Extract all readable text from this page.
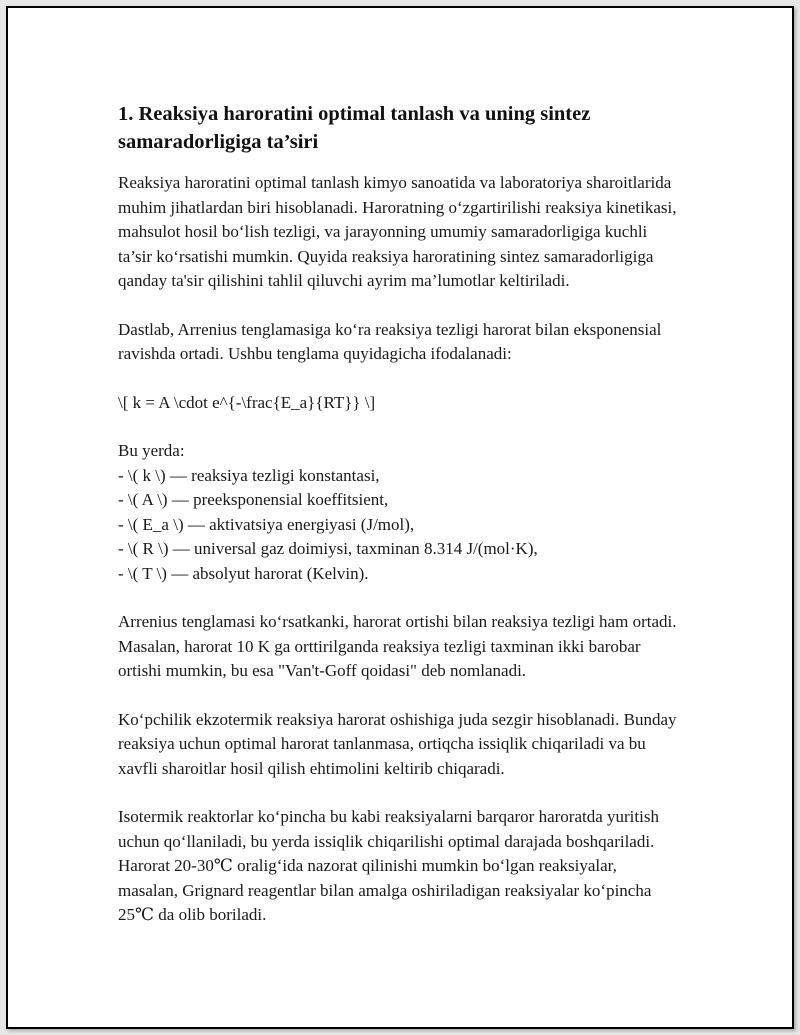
1. Reaksiya haroratini optimal tanlash va uning sintez samaradorligiga ta’siri

Reaksiya haroratini optimal tanlash kimyo sanoatida va laboratoriya sharoitlarida muhim jihatlardan biri hisoblanadi. Haroratning o‘zgartirilishi reaksiya kinetikasi, mahsulot hosil bo‘lish tezligi, va jarayonning umumiy samaradorligiga kuchli ta’sir ko‘rsatishi mumkin. Quyida reaksiya haroratining sintez samaradorligiga qanday ta'sir qilishini tahlil qiluvchi ayrim ma’lumotlar keltiriladi.

Dastlab, Arrenius tenglamasiga ko‘ra reaksiya tezligi harorat bilan eksponensial ravishda ortadi. Ushbu tenglama quyidagicha ifodalanadi:

\[ k = A \cdot e^{-\frac{E_a}{RT}} \]

Bu yerda:
- \( k \) — reaksiya tezligi konstantasi,
- \( A \) — preeksponensial koeffitsient,
- \( E_a \) — aktivatsiya energiyasi (J/mol),
- \( R \) — universal gaz doimiysi, taxminan 8.314 J/(mol·K),
- \( T \) — absolyut harorat (Kelvin).

Arrenius tenglamasi ko‘rsatkanki, harorat ortishi bilan reaksiya tezligi ham ortadi. Masalan, harorat 10 K ga orttirilganda reaksiya tezligi taxminan ikki barobar ortishi mumkin, bu esa "Van't-Goff qoidasi" deb nomlanadi.

Ko‘pchilik ekzotermik reaksiya harorat oshishiga juda sezgir hisoblanadi. Bunday reaksiya uchun optimal harorat tanlanmasa, ortiqcha issiqlik chiqariladi va bu xavfli sharoitlar hosil qilish ehtimolini keltirib chiqaradi.

Isotermik reaktorlar ko‘pincha bu kabi reaksiyalarni barqaror haroratda yuritish uchun qo‘llaniladi, bu yerda issiqlik chiqarilishi optimal darajada boshqariladi. Harorat 20-30℃ oralig‘ida nazorat qilinishi mumkin bo‘lgan reaksiyalar, masalan, Grignard reagentlar bilan amalga oshiriladigan reaksiyalar ko‘pincha 25℃ da olib boriladi.
